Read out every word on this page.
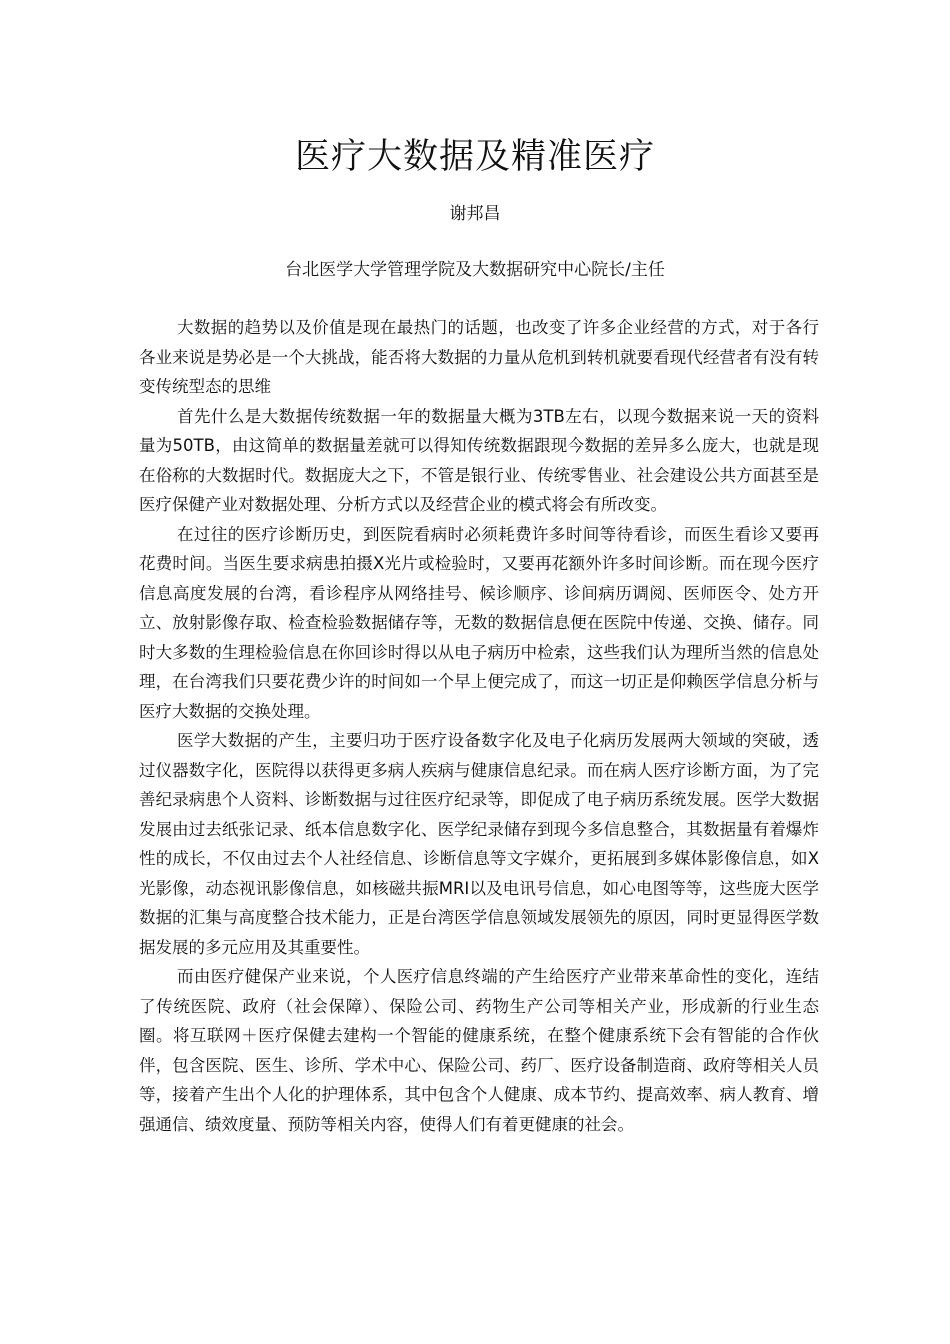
医疗大数据及精准医疗

谢邦昌

台北医学大学管理学院及大数据研究中心院长/主任

大数据的趋势以及价值是现在最热门的话题，也改变了许多企业经营的方式，对于各行各业来说是势必是一个大挑战，能否将大数据的力量从危机到转机就要看现代经营者有没有转变传统型态的思维

首先什么是大数据传统数据一年的数据量大概为3TB左右，以现今数据来说一天的资料量为50TB，由这简单的数据量差就可以得知传统数据跟现今数据的差异多么庞大，也就是现在俗称的大数据时代。数据庞大之下，不管是银行业、传统零售业、社会建设公共方面甚至是医疗保健产业对数据处理、分析方式以及经营企业的模式将会有所改变。

在过往的医疗诊断历史，到医院看病时必须耗费许多时间等待看诊，而医生看诊又要再花费时间。当医生要求病患拍摄X光片或检验时，又要再花额外许多时间诊断。而在现今医疗信息高度发展的台湾，看诊程序从网络挂号、候诊顺序、诊间病历调阅、医师医令、处方开立、放射影像存取、检查检验数据储存等，无数的数据信息便在医院中传递、交换、储存。同时大多数的生理检验信息在你回诊时得以从电子病历中检索，这些我们认为理所当然的信息处理，在台湾我们只要花费少许的时间如一个早上便完成了，而这一切正是仰赖医学信息分析与医疗大数据的交换处理。

医学大数据的产生，主要归功于医疗设备数字化及电子化病历发展两大领域的突破，透过仪器数字化，医院得以获得更多病人疾病与健康信息纪录。而在病人医疗诊断方面，为了完善纪录病患个人资料、诊断数据与过往医疗纪录等，即促成了电子病历系统发展。医学大数据发展由过去纸张记录、纸本信息数字化、医学纪录储存到现今多信息整合，其数据量有着爆炸性的成长，不仅由过去个人社经信息、诊断信息等文字媒介，更拓展到多媒体影像信息，如X光影像，动态视讯影像信息，如核磁共振MRI以及电讯号信息，如心电图等等，这些庞大医学数据的汇集与高度整合技术能力，正是台湾医学信息领域发展领先的原因，同时更显得医学数据发展的多元应用及其重要性。

而由医疗健保产业来说，个人医疗信息终端的产生给医疗产业带来革命性的变化，连结了传统医院、政府（社会保障）、保险公司、药物生产公司等相关产业，形成新的行业生态圈。将互联网＋医疗保健去建构一个智能的健康系统，在整个健康系统下会有智能的合作伙伴，包含医院、医生、诊所、学术中心、保险公司、药厂、医疗设备制造商、政府等相关人员等，接着产生出个人化的护理体系，其中包含个人健康、成本节约、提高效率、病人教育、增强通信、绩效度量、预防等相关内容，使得人们有着更健康的社会。
